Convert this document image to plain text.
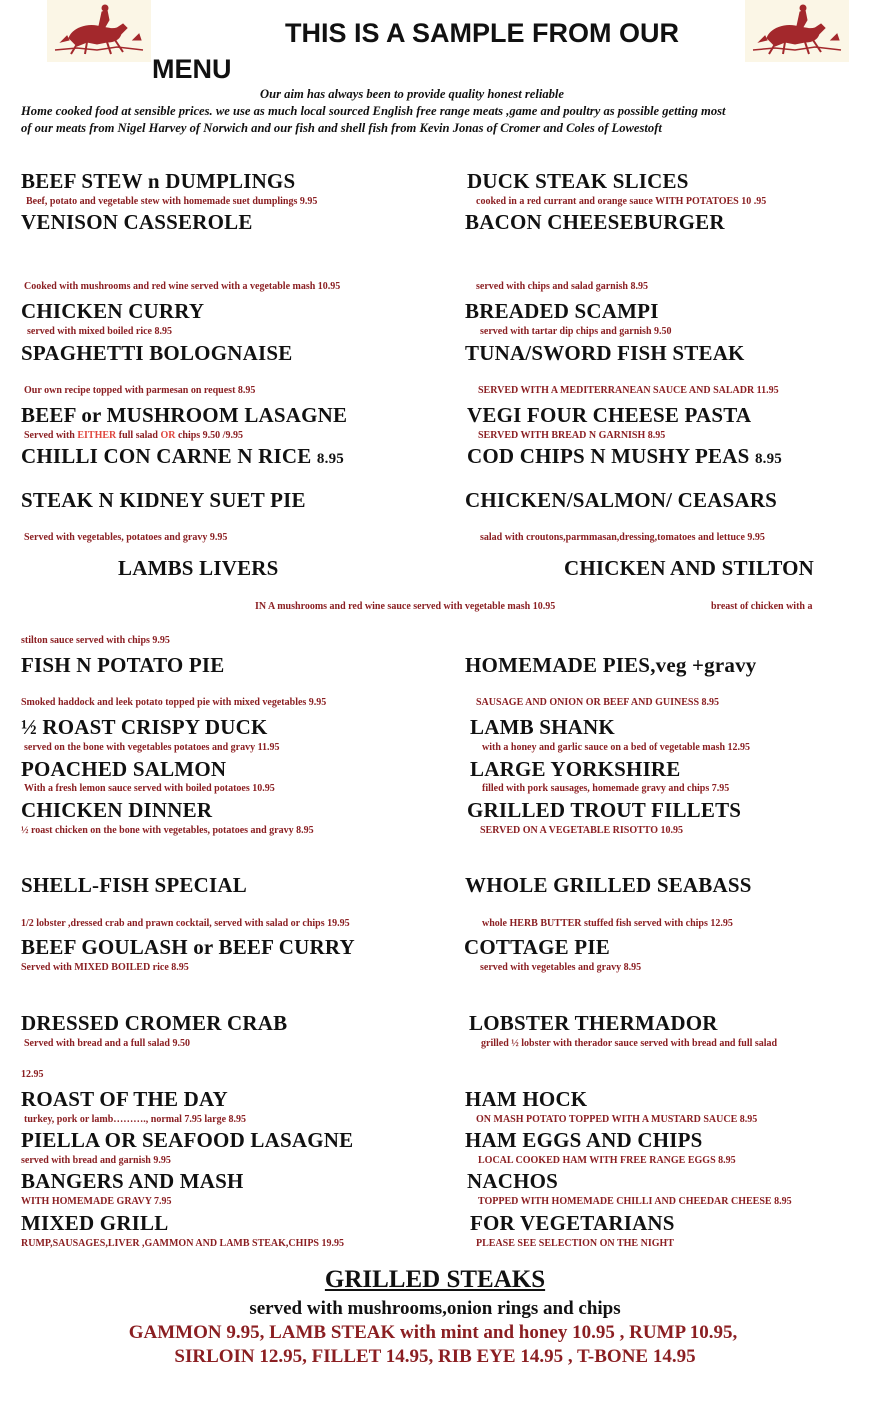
THIS IS A SAMPLE FROM OUR
MENU
Our aim has always been to provide quality honest reliable
Home cooked food at sensible prices. we use as much local sourced English free range meats ,game and poultry as possible getting most
of our meats from Nigel Harvey of Norwich and our fish and shell fish from Kevin Jonas of Cromer and Coles of Lowestoft
BEEF STEW n DUMPLINGS
Beef, potato and vegetable stew with homemade suet dumplings 9.95
VENISON CASSEROLE
Cooked with mushrooms and red wine served with a vegetable mash 10.95
CHICKEN CURRY
served with mixed boiled rice 8.95
SPAGHETTI BOLOGNAISE
Our own recipe topped with parmesan on request 8.95
BEEF or MUSHROOM LASAGNE
Served with EITHER full salad OR chips 9.50 /9.95
CHILLI CON CARNE N RICE 8.95
STEAK N KIDNEY SUET PIE
Served with vegetables, potatoes and gravy 9.95
LAMBS LIVERS
IN A mushrooms and red wine sauce served with vegetable mash 10.95
stilton sauce served with chips 9.95
FISH N POTATO PIE
Smoked haddock and leek potato topped pie with mixed vegetables 9.95
½ ROAST CRISPY DUCK
served on the bone with vegetables potatoes and gravy 11.95
POACHED SALMON
With a fresh lemon sauce served with boiled potatoes 10.95
CHICKEN DINNER
½ roast chicken on the bone with vegetables, potatoes and gravy 8.95
SHELL-FISH SPECIAL
1/2 lobster ,dressed crab and prawn cocktail, served with salad or chips 19.95
BEEF GOULASH or BEEF CURRY
Served with MIXED BOILED rice 8.95
DRESSED CROMER CRAB
Served with bread and a full salad 9.50
12.95
ROAST OF THE DAY
turkey, pork or lamb………., normal 7.95 large 8.95
PIELLA OR SEAFOOD LASAGNE
served with bread and garnish 9.95
BANGERS AND MASH
WITH HOMEMADE GRAVY 7.95
MIXED GRILL
RUMP,SAUSAGES,LIVER ,GAMMON AND LAMB STEAK,CHIPS 19.95
DUCK STEAK SLICES
cooked in a red currant and orange sauce WITH POTATOES 10 .95
BACON CHEESEBURGER
served with chips and salad garnish 8.95
BREADED SCAMPI
served with tartar dip chips and garnish 9.50
TUNA/SWORD FISH STEAK
SERVED WITH A MEDITERRANEAN SAUCE AND SALADR 11.95
VEGI FOUR CHEESE PASTA
SERVED WITH BREAD N GARNISH 8.95
COD CHIPS N MUSHY PEAS 8.95
CHICKEN/SALMON/ CEASARS
salad with croutons,parmmasan,dressing,tomatoes and lettuce 9.95
CHICKEN AND STILTON
breast of chicken with a
HOMEMADE PIES,veg +gravy
SAUSAGE AND ONION OR BEEF AND GUINESS 8.95
LAMB SHANK
with a honey and garlic sauce on a bed of vegetable mash 12.95
LARGE YORKSHIRE
filled with pork sausages, homemade gravy and chips 7.95
GRILLED TROUT FILLETS
SERVED ON A VEGETABLE RISOTTO 10.95
WHOLE GRILLED SEABASS
whole HERB BUTTER stuffed fish served with chips 12.95
COTTAGE PIE
served with vegetables and gravy 8.95
LOBSTER THERMADOR
grilled ½ lobster with therador sauce served with bread and full salad
HAM HOCK
ON MASH POTATO TOPPED WITH A MUSTARD SAUCE 8.95
HAM EGGS AND CHIPS
LOCAL COOKED HAM WITH FREE RANGE EGGS 8.95
NACHOS
TOPPED WITH HOMEMADE CHILLI AND CHEEDAR CHEESE 8.95
FOR VEGETARIANS
PLEASE SEE SELECTION ON THE NIGHT
GRILLED STEAKS
served with mushrooms,onion rings and chips
GAMMON 9.95, LAMB STEAK with mint and honey 10.95 , RUMP 10.95,
SIRLOIN 12.95, FILLET 14.95, RIB EYE 14.95 , T-BONE 14.95
